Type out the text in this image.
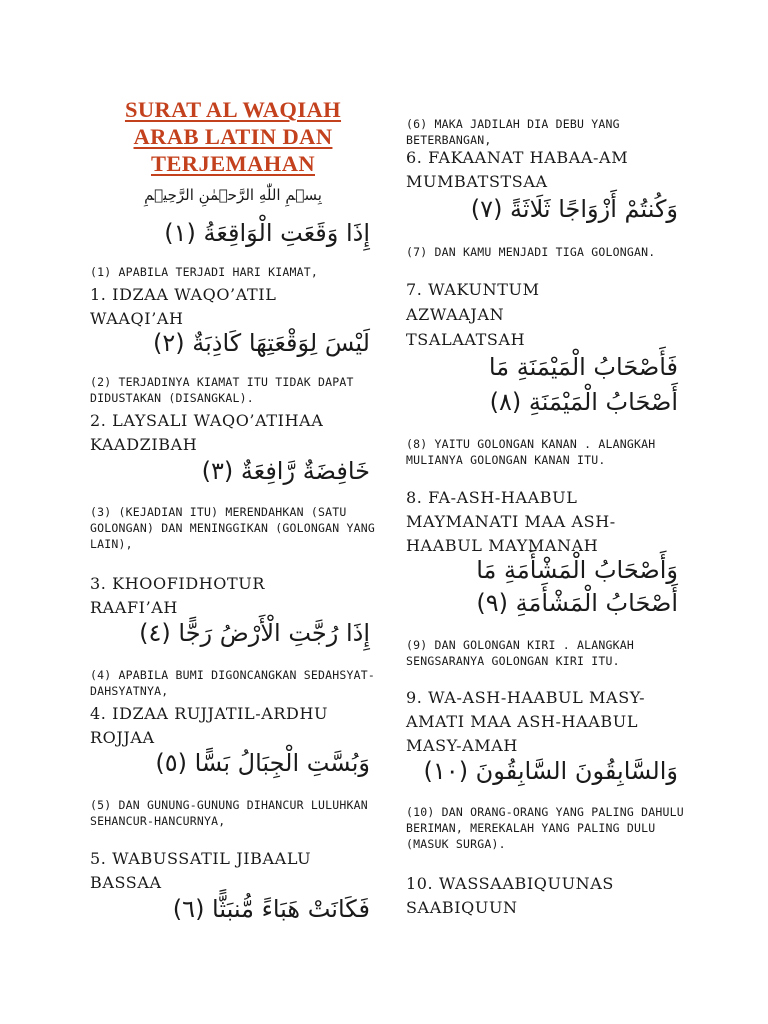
SURAT AL WAQIAH
ARAB LATIN DAN
TERJEMAHAN
بِسۡمِ اللّٰهِ الرَّحۡمٰنِ الرَّحِيۡمِ
إِذَا وَقَعَتِ الْوَاقِعَةُ (١)
(1) APABILA TERJADI HARI KIAMAT,
1. IDZAA WAQO’ATIL
WAAQI’AH
لَيْسَ لِوَقْعَتِهَا كَاذِبَةٌ (٢)
(2) TERJADINYA KIAMAT ITU TIDAK DAPAT DIDUSTAKAN (DISANGKAL).
2. LAYSALI WAQO’ATIHAA
KAADZIBAH
خَافِضَةٌ رَّافِعَةٌ (٣)
(3) (KEJADIAN ITU) MERENDAHKAN (SATU GOLONGAN) DAN MENINGGIKAN (GOLONGAN YANG LAIN),
3. KHOOFIDHOTUR
RAAFI’AH
إِذَا رُجَّتِ الْأَرْضُ رَجًّا (٤)
(4) APABILA BUMI DIGONCANGKAN SEDAHSYAT-DAHSYATNYA,
4. IDZAA RUJJATIL-ARDHU
ROJJAA
وَبُسَّتِ الْجِبَالُ بَسًّا (٥)
(5) DAN GUNUNG-GUNUNG DIHANCUR LULUHKAN SEHANCUR-HANCURNYA,
5. WABUSSATIL JIBAALU
BASSAA
فَكَانَتْ هَبَاءً مُّنبَثًّا (٦)
(6) MAKA JADILAH DIA DEBU YANG BETERBANGAN,
6. FAKAANAT HABAA-AM
MUMBATSTSAA
وَكُنتُمْ أَزْوَاجًا ثَلَاثَةً (٧)
(7) DAN KAMU MENJADI TIGA GOLONGAN.
7. WAKUNTUM
AZWAAJAN
TSALAATSAH
فَأَصْحَابُ الْمَيْمَنَةِ مَا
أَصْحَابُ الْمَيْمَنَةِ (٨)
(8) YAITU GOLONGAN KANAN . ALANGKAH MULIANYA GOLONGAN KANAN ITU.
8. FA-ASH-HAABUL
MAYMANATI MAA ASH-
HAABUL MAYMANAH
وَأَصْحَابُ الْمَشْأَمَةِ مَا
أَصْحَابُ الْمَشْأَمَةِ (٩)
(9) DAN GOLONGAN KIRI . ALANGKAH SENGSARANYA GOLONGAN KIRI ITU.
9. WA-ASH-HAABUL MASY-
AMATI MAA ASH-HAABUL
MASY-AMAH
وَالسَّابِقُونَ السَّابِقُونَ (١٠)
(10) DAN ORANG-ORANG YANG PALING DAHULU BERIMAN, MEREKALAH YANG PALING DULU (MASUK SURGA).
10. WASSAABIQUUNAS
SAABIQUUN
